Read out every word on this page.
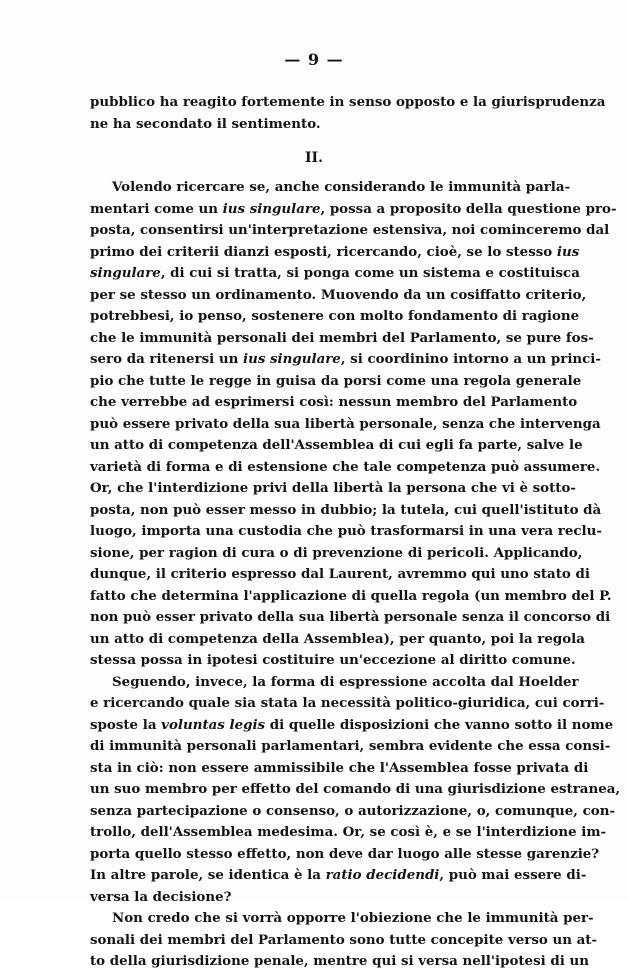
— 9 —
pubblico ha reagito fortemente in senso opposto e la giurisprudenza
ne ha secondato il sentimento.
II.
Volendo ricercare se, anche considerando le immunità parla-
mentari come un ius singulare, possa a proposito della questione pro-
posta, consentirsi un'interpretazione estensiva, noi cominceremo dal
primo dei criterii dianzi esposti, ricercando, cioè, se lo stesso ius
singulare, di cui si tratta, si ponga come un sistema e costituisca
per se stesso un ordinamento. Muovendo da un cosiffatto criterio,
potrebbesi, io penso, sostenere con molto fondamento di ragione
che le immunità personali dei membri del Parlamento, se pure fos-
sero da ritenersi un ius singulare, si coordinino intorno a un princi-
pio che tutte le regge in guisa da porsi come una regola generale
che verrebbe ad esprimersi così: nessun membro del Parlamento
può essere privato della sua libertà personale, senza che intervenga
un atto di competenza dell'Assemblea di cui egli fa parte, salve le
varietà di forma e di estensione che tale competenza può assumere.
Or, che l'interdizione privi della libertà la persona che vi è sotto-
posta, non può esser messo in dubbio; la tutela, cui quell'istituto dà
luogo, importa una custodia che può trasformarsi in una vera reclu-
sione, per ragion di cura o di prevenzione di pericoli. Applicando,
dunque, il criterio espresso dal Laurent, avremmo qui uno stato di
fatto che determina l'applicazione di quella regola (un membro del P.
non può esser privato della sua libertà personale senza il concorso di
un atto di competenza della Assemblea), per quanto, poi la regola
stessa possa in ipotesi costituire un'eccezione al diritto comune.
Seguendo, invece, la forma di espressione accolta dal Hoelder
e ricercando quale sia stata la necessità politico-giuridica, cui corri-
sposte la voluntas legis di quelle disposizioni che vanno sotto il nome
di immunità personali parlamentari, sembra evidente che essa consi-
sta in ciò: non essere ammissibile che l'Assemblea fosse privata di
un suo membro per effetto del comando di una giurisdizione estranea,
senza partecipazione o consenso, o autorizzazione, o, comunque, con-
trollo, dell'Assemblea medesima. Or, se così è, e se l'interdizione im-
porta quello stesso effetto, non deve dar luogo alle stesse garenzie?
In altre parole, se identica è la ratio decidendi, può mai essere di-
versa la decisione?
Non credo che si vorrà opporre l'obiezione che le immunità per-
sonali dei membri del Parlamento sono tutte concepite verso un at-
to della giurisdizione penale, mentre qui si versa nell'ipotesi di un
